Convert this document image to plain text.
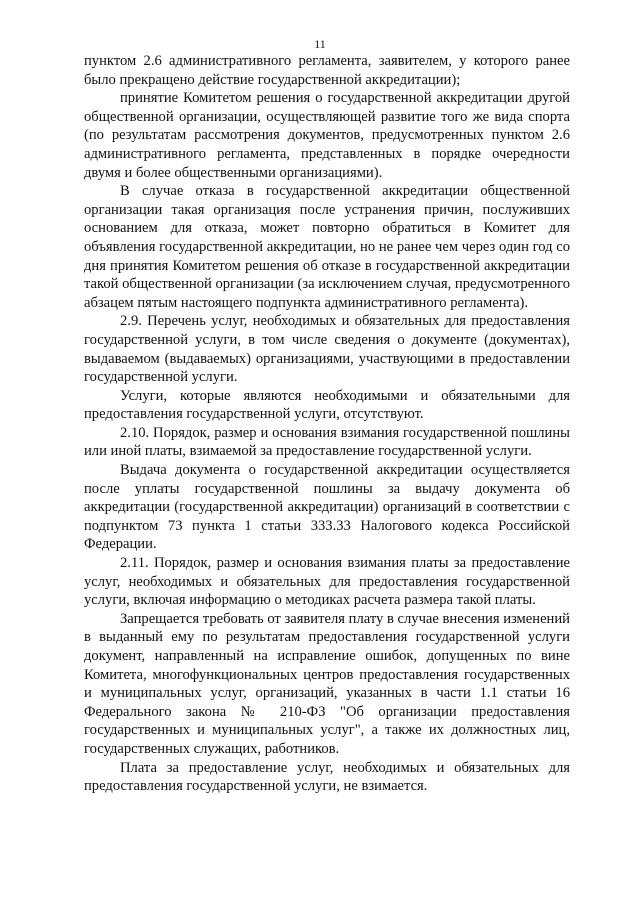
11

пунктом 2.6 административного регламента, заявителем, у которого ранее было прекращено действие государственной аккредитации);

принятие Комитетом решения о государственной аккредитации другой общественной организации, осуществляющей развитие того же вида спорта (по результатам рассмотрения документов, предусмотренных пунктом 2.6 административного регламента, представленных в порядке очередности двумя и более общественными организациями).

В случае отказа в государственной аккредитации общественной организации такая организация после устранения причин, послуживших основанием для отказа, может повторно обратиться в Комитет для объявления государственной аккредитации, но не ранее чем через один год со дня принятия Комитетом решения об отказе в государственной аккредитации такой общественной организации (за исключением случая, предусмотренного абзацем пятым настоящего подпункта административного регламента).

2.9. Перечень услуг, необходимых и обязательных для предоставления государственной услуги, в том числе сведения о документе (документах), выдаваемом (выдаваемых) организациями, участвующими в предоставлении государственной услуги.

Услуги, которые являются необходимыми и обязательными для предоставления государственной услуги, отсутствуют.

2.10. Порядок, размер и основания взимания государственной пошлины или иной платы, взимаемой за предоставление государственной услуги.

Выдача документа о государственной аккредитации осуществляется после уплаты государственной пошлины за выдачу документа об аккредитации (государственной аккредитации) организаций в соответствии с подпунктом 73 пункта 1 статьи 333.33 Налогового кодекса Российской Федерации.

2.11. Порядок, размер и основания взимания платы за предоставление услуг, необходимых и обязательных для предоставления государственной услуги, включая информацию о методиках расчета размера такой платы.

Запрещается требовать от заявителя плату в случае внесения изменений в выданный ему по результатам предоставления государственной услуги документ, направленный на исправление ошибок, допущенных по вине Комитета, многофункциональных центров предоставления государственных и муниципальных услуг, организаций, указанных в части 1.1 статьи 16 Федерального закона № 210-ФЗ "Об организации предоставления государственных и муниципальных услуг", а также их должностных лиц, государственных служащих, работников.

Плата за предоставление услуг, необходимых и обязательных для предоставления государственной услуги, не взимается.
